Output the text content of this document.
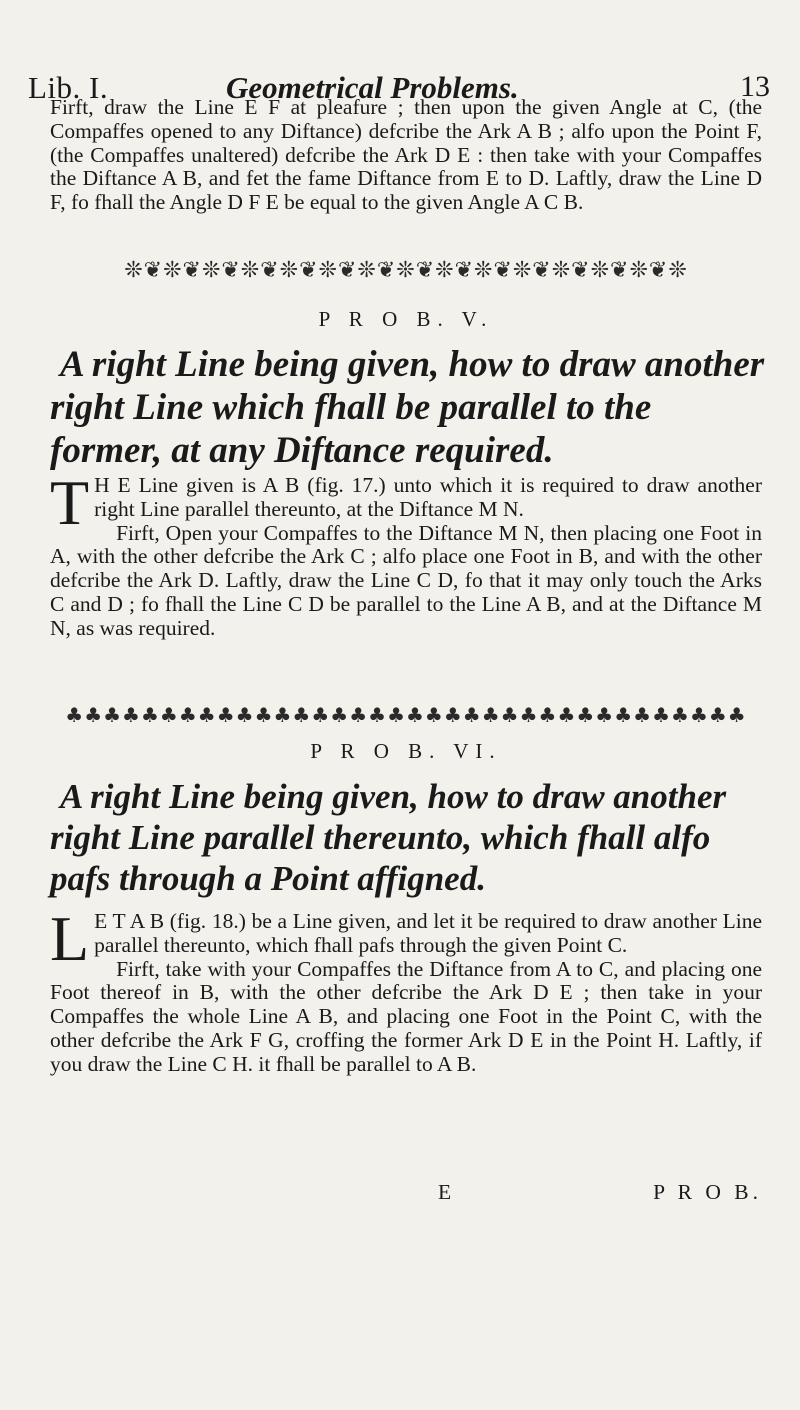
Lib. I.	Geometrical Problems.	13

Firft, draw the Line E F at pleafure ; then upon the given Angle at C, (the Compaffes opened to any Diftance) defcribe the Ark A B ; alfo upon the Point F, (the Compaffes unaltered) defcribe the Ark D E : then take with your Compaffes the Diftance A B, and fet the fame Diftance from E to D. Laftly, draw the Line D F, fo fhall the Angle D F E be equal to the given Angle A C B.

❊❦❊❦❊❦❊❦❊❦❊❦❊❦❊❦❊❦❊❦❊❦❊❦❊❦❊❦❊
P R O B. V.

A right Line being given, how to draw another right Line which fhall be parallel to the former, at any Diftance required.

T H E Line given is A B (fig. 17.) unto which it is required to draw another right Line parallel thereunto, at the Diftance M N.

Firft, Open your Compaffes to the Diftance M N, then placing one Foot in A, with the other defcribe the Ark C ; alfo place one Foot in B, and with the other defcribe the Ark D. Laftly, draw the Line C D, fo that it may only touch the Arks C and D ; fo fhall the Line C D be parallel to the Line A B, and at the Diftance M N, as was required.

♣♣♣♣♣♣♣♣♣♣♣♣♣♣♣♣♣♣♣♣♣♣♣♣♣♣♣♣♣♣♣♣♣♣♣♣
P R O B. VI.

A right Line being given, how to draw another right Line parallel thereunto, which fhall alfo pafs through a Point affigned.

L E T A B (fig. 18.) be a Line given, and let it be required to draw another Line parallel thereunto, which fhall pafs through the given Point C.

Firft, take with your Compaffes the Diftance from A to C, and placing one Foot thereof in B, with the other defcribe the Ark D E ; then take in your Compaffes the whole Line A B, and placing one Foot in the Point C, with the other defcribe the Ark F G, croffing the former Ark D E in the Point H. Laftly, if you draw the Line C H. it fhall be parallel to A B.

E	P R O B.
